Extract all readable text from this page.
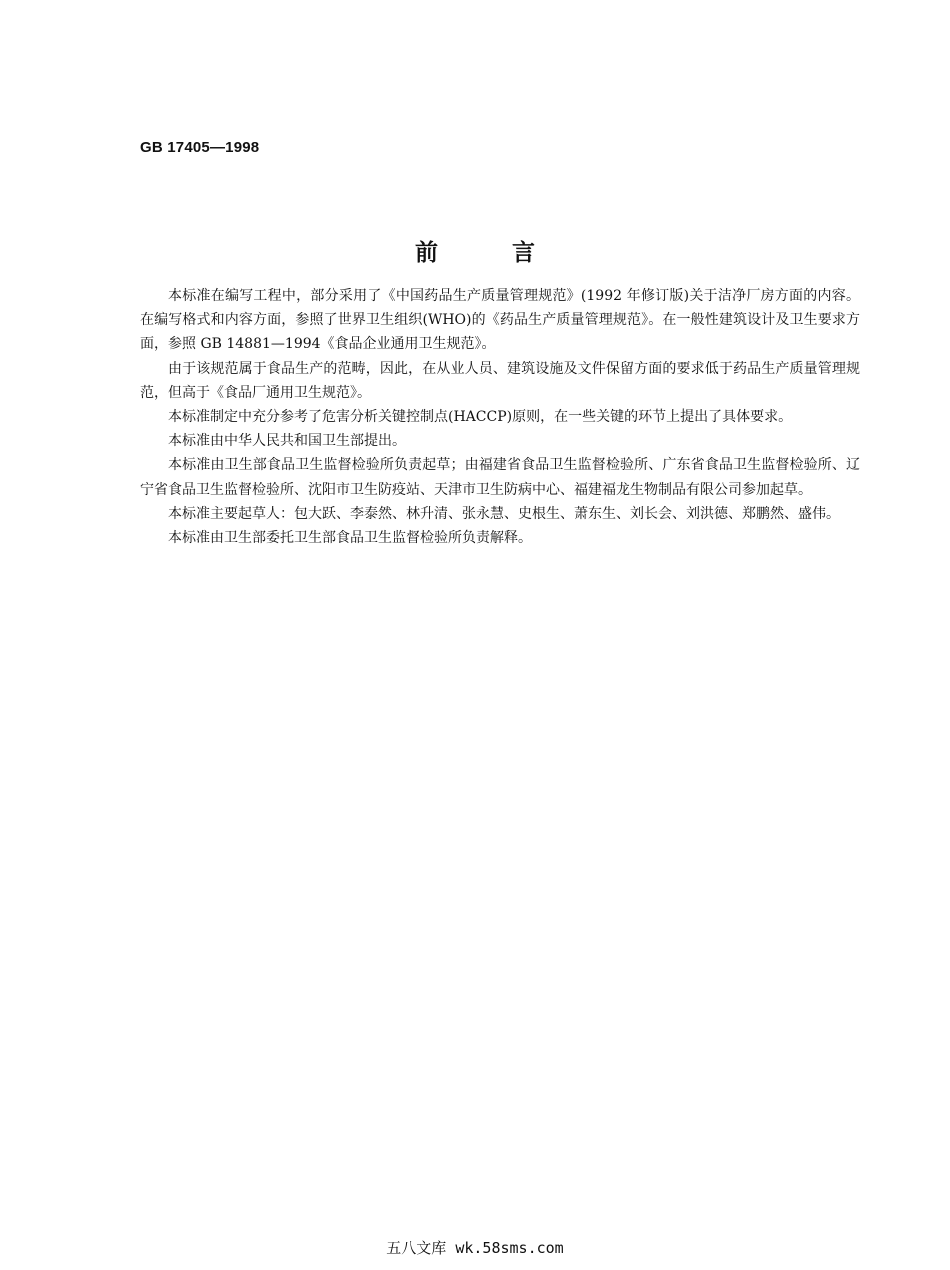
GB 17405—1998
前	言

本标准在编写工程中，部分采用了《中国药品生产质量管理规范》(1992 年修订版)关于洁净厂房方面的内容。在编写格式和内容方面，参照了世界卫生组织(WHO)的《药品生产质量管理规范》。在一般性建筑设计及卫生要求方面，参照 GB 14881—1994《食品企业通用卫生规范》。

由于该规范属于食品生产的范畴，因此，在从业人员、建筑设施及文件保留方面的要求低于药品生产质量管理规范，但高于《食品厂通用卫生规范》。

本标准制定中充分参考了危害分析关键控制点(HACCP)原则，在一些关键的环节上提出了具体要求。

本标准由中华人民共和国卫生部提出。

本标准由卫生部食品卫生监督检验所负责起草；由福建省食品卫生监督检验所、广东省食品卫生监督检验所、辽宁省食品卫生监督检验所、沈阳市卫生防疫站、天津市卫生防病中心、福建福龙生物制品有限公司参加起草。

本标准主要起草人：包大跃、李泰然、林升清、张永慧、史根生、萧东生、刘长会、刘洪德、郑鹏然、盛伟。

本标准由卫生部委托卫生部食品卫生监督检验所负责解释。

五八文库 wk.58sms.com
